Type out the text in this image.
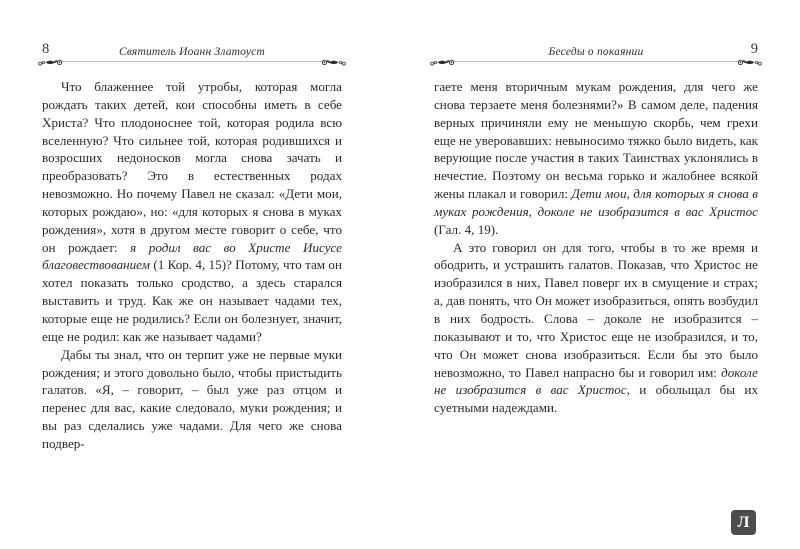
8	Святитель Иоанн Златоуст

Что блаженнее той утробы, которая могла рождать таких детей, кои способны иметь в себе Христа? Что плодоноснее той, которая родила всю вселенную? Что сильнее той, которая родившихся и возросших недоносков могла снова зачать и преобразовать? Это в естественных родах невозможно. Но почему Павел не сказал: «Дети мои, которых рождаю», но: «для которых я снова в муках рождения», хотя в другом месте говорит о себе, что он рождает: я родил вас во Христе Иисусе благовествованием (1 Кор. 4, 15)? Потому, что там он хотел показать только сродство, а здесь старался выставить и труд. Как же он называет чадами тех, которые еще не родились? Если он болезнует, значит, еще не родил: как же называет чадами?

Дабы ты знал, что он терпит уже не первые муки рождения; и этого довольно было, чтобы пристыдить галатов. «Я, – говорит, – был уже раз отцом и перенес для вас, какие следовало, муки рождения; и вы раз сделались уже чадами. Для чего же снова подвер-

9
Беседы о покаянии

гаете меня вторичным мукам рождения, для чего же снова терзаете меня болезнями?» В самом деле, падения верных причиняли ему не меньшую скорбь, чем грехи еще не уверовавших: невыносимо тяжко было видеть, как верующие после участия в таких Таинствах уклонялись в нечестие. Поэтому он весьма горько и жалобнее всякой жены плакал и говорил: Дети мои, для которых я снова в муках рождения, доколе не изобразится в вас Христос (Гал. 4, 19).

А это говорил он для того, чтобы в то же время и ободрить, и устрашить галатов. Показав, что Христос не изобразился в них, Павел поверг их в смущение и страх; а, дав понять, что Он может изобразиться, опять возбудил в них бодрость. Слова – доколе не изобразится – показывают и то, что Христос еще не изобразился, и то, что Он может снова изобразиться. Если бы это было невозможно, то Павел напрасно бы и говорил им: доколе не изобразится в вас Христос, и обольщал бы их суетными надеждами.

Л
